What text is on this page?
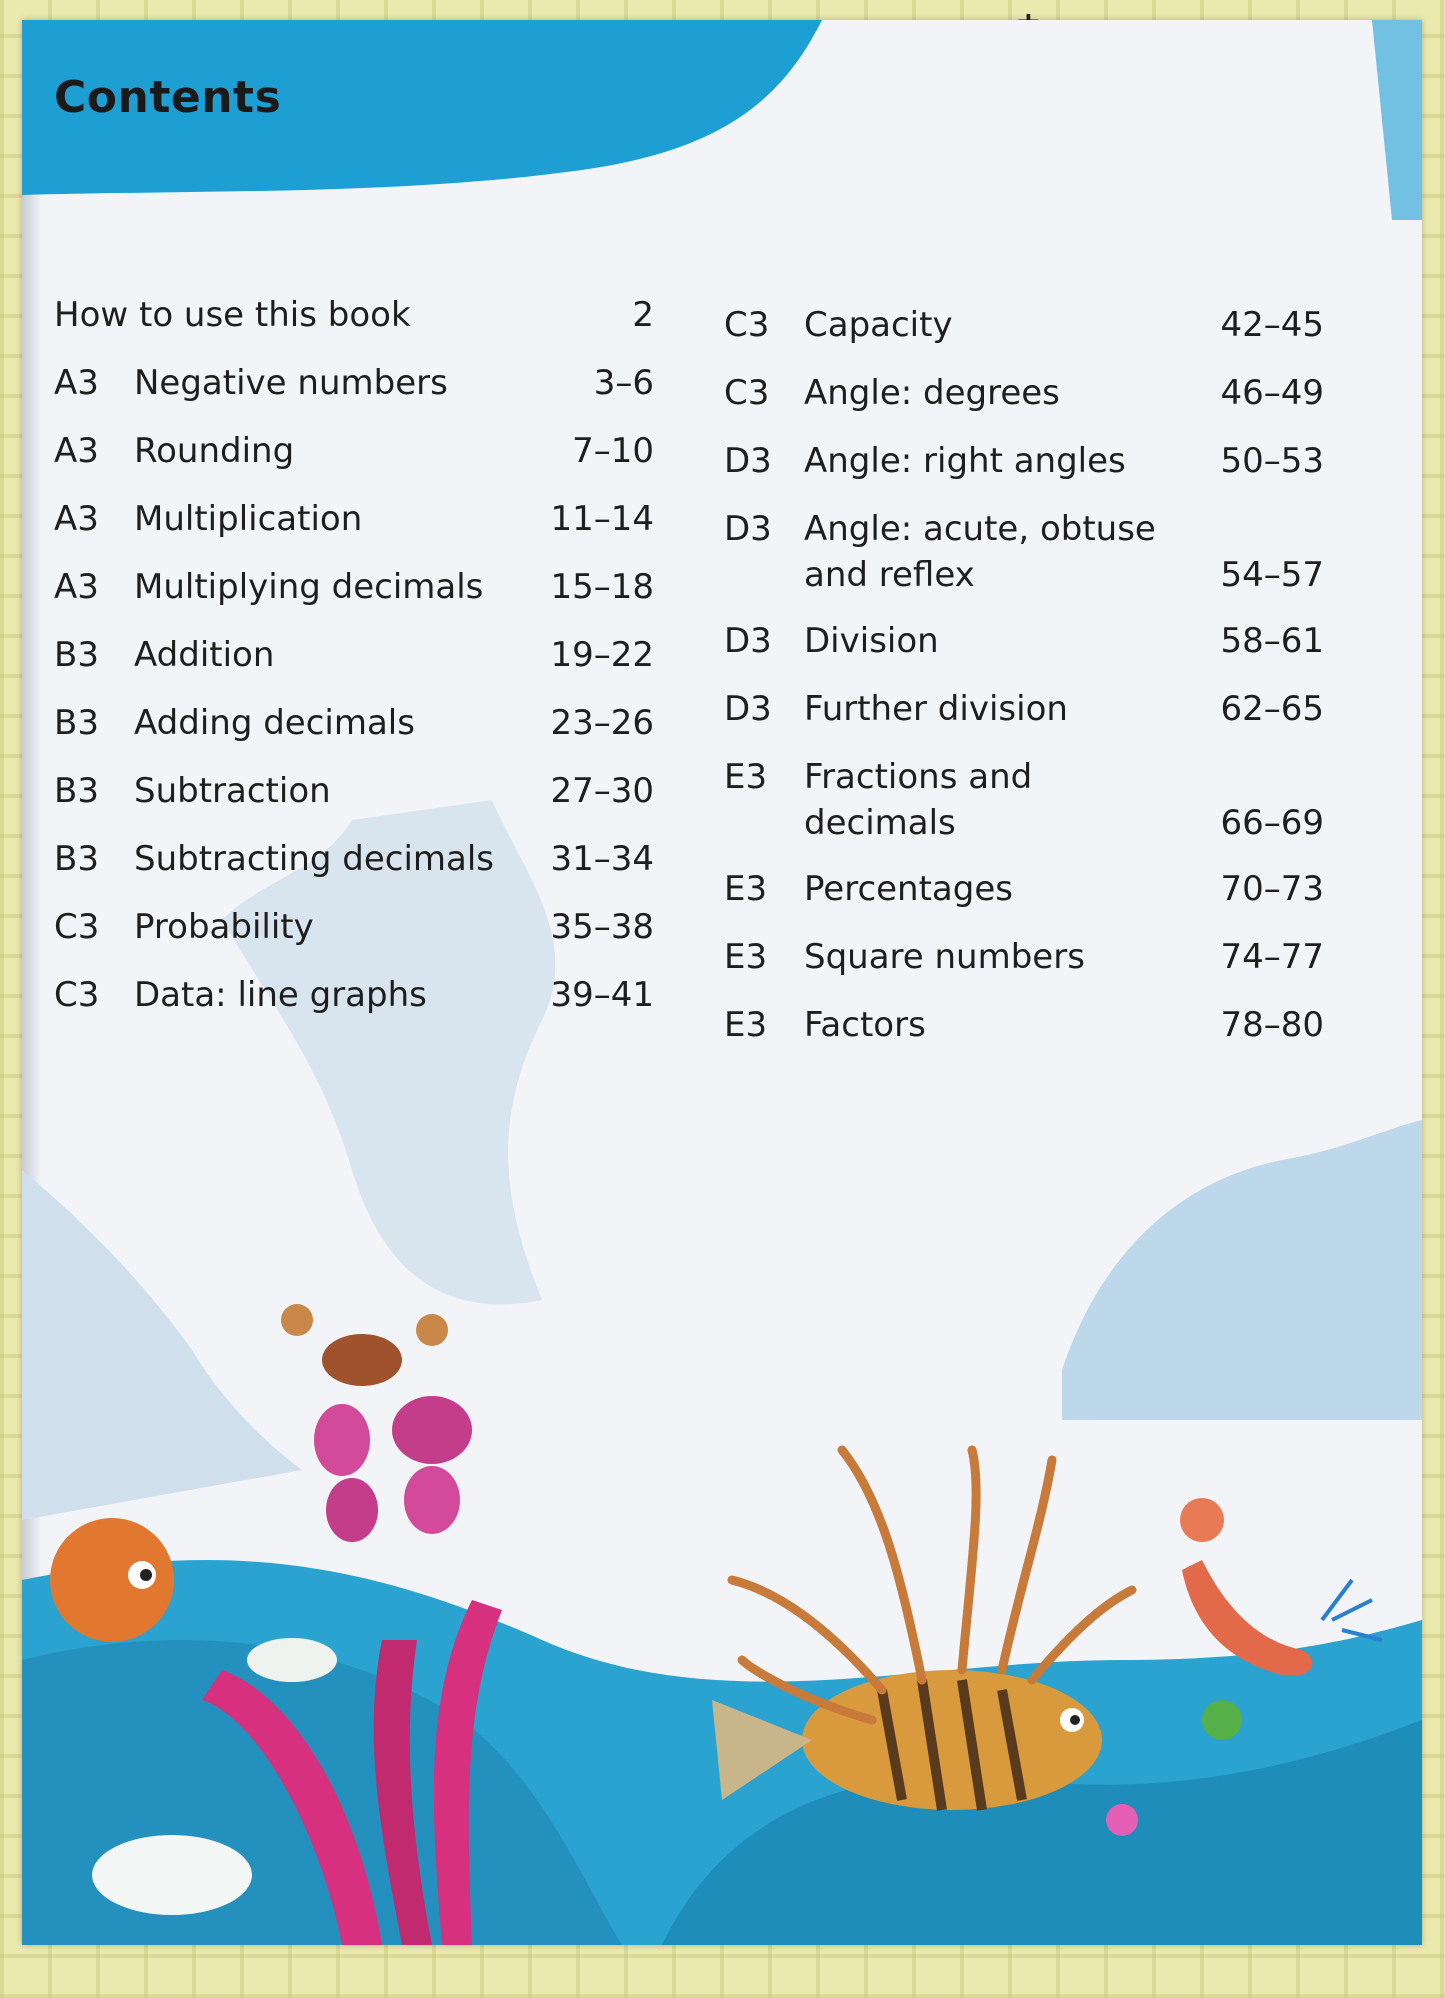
Contents
How to use this book	2
A3	Negative numbers	3–6
A3	Rounding	7–10
A3	Multiplication	11–14
A3	Multiplying decimals	15–18
B3	Addition	19–22
B3	Adding decimals	23–26
B3	Subtraction	27–30
B3	Subtracting decimals	31–34
C3	Probability	35–38
C3	Data: line graphs	39–41
C3	Capacity	42–45
C3	Angle: degrees	46–49
D3 Angle: right angles	50–53
D3 Angle: acute, obtuse
and reflex	54–57
D3 Division	58–61
D3 Further division	62–65
E3	Fractions and
decimals	66–69
E3	Percentages	70–73
E3	Square numbers	74–77
E3	Factors	78–80
